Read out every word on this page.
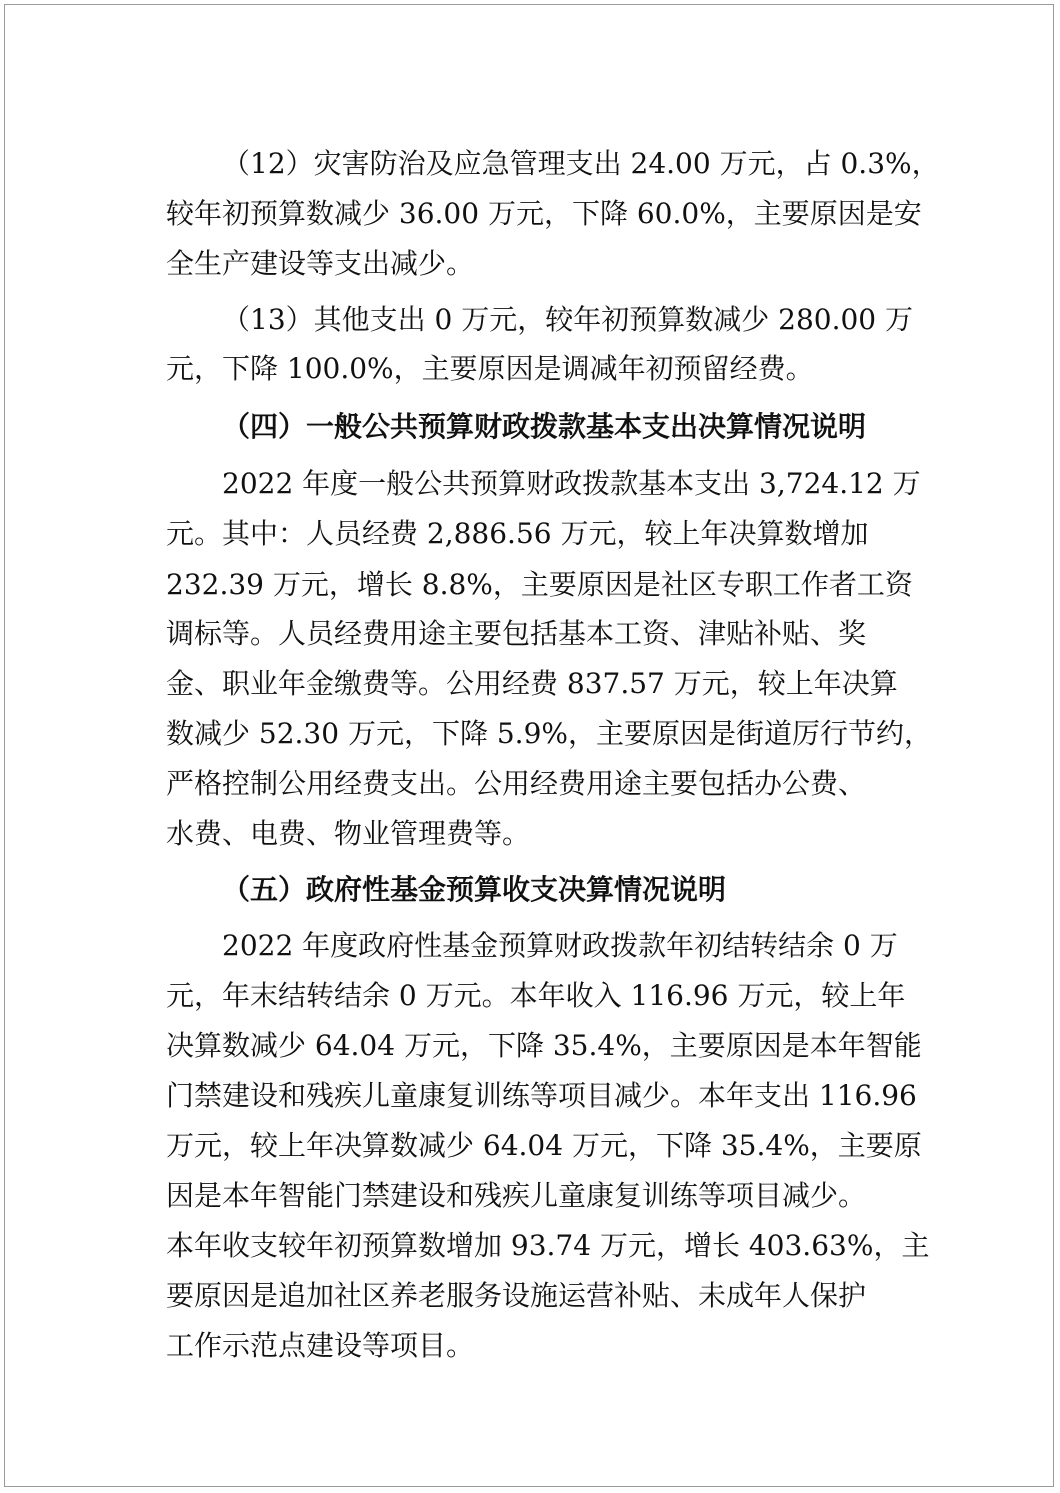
（12）灾害防治及应急管理支出 24.00 万元，占 0.3%，
较年初预算数减少 36.00 万元，下降 60.0%，主要原因是安
全生产建设等支出减少。
（13）其他支出 0 万元，较年初预算数减少 280.00 万
元，下降 100.0%，主要原因是调减年初预留经费。
（四）一般公共预算财政拨款基本支出决算情况说明
2022 年度一般公共预算财政拨款基本支出 3,724.12 万
元。其中：人员经费 2,886.56 万元，较上年决算数增加
232.39 万元，增长 8.8%，主要原因是社区专职工作者工资
调标等。人员经费用途主要包括基本工资、津贴补贴、奖
金、职业年金缴费等。公用经费 837.57 万元，较上年决算
数减少 52.30 万元，下降 5.9%，主要原因是街道厉行节约，
严格控制公用经费支出。公用经费用途主要包括办公费、
水费、电费、物业管理费等。
（五）政府性基金预算收支决算情况说明
2022 年度政府性基金预算财政拨款年初结转结余 0 万
元，年末结转结余 0 万元。本年收入 116.96 万元，较上年
决算数减少 64.04 万元，下降 35.4%，主要原因是本年智能
门禁建设和残疾儿童康复训练等项目减少。本年支出 116.96
万元，较上年决算数减少 64.04 万元，下降 35.4%，主要原
因是本年智能门禁建设和残疾儿童康复训练等项目减少。
本年收支较年初预算数增加 93.74 万元，增长 403.63%，主
要原因是追加社区养老服务设施运营补贴、未成年人保护
工作示范点建设等项目。
